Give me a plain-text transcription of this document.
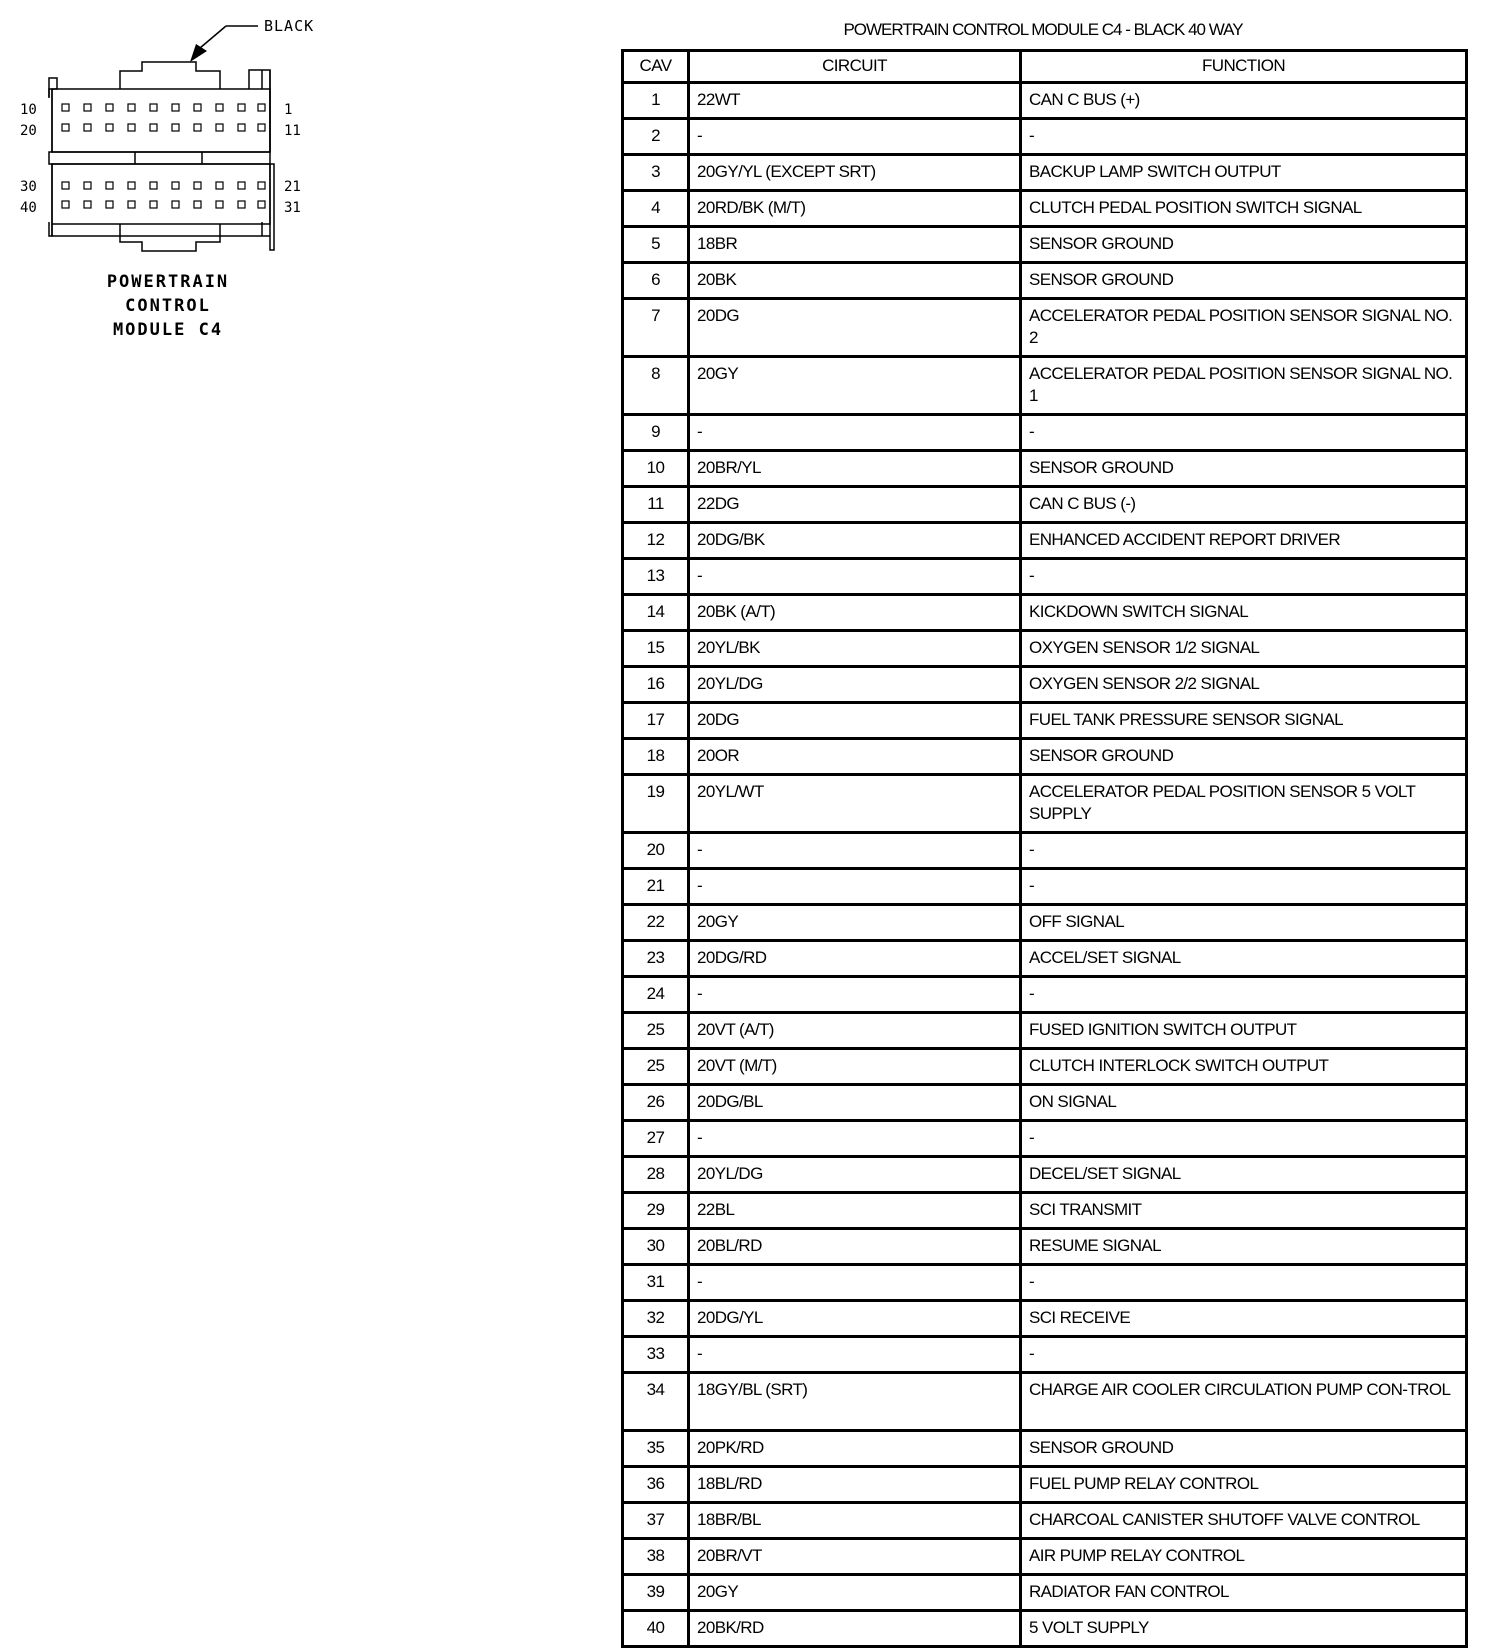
BLACK
10
20
30
40
1
11
21
31
POWERTRAIN
CONTROL
MODULE C4
POWERTRAIN CONTROL MODULE C4 - BLACK 40 WAY
CAV	CIRCUIT	FUNCTION
1	22WT	CAN C BUS (+)
2	-	-
3	20GY/YL (EXCEPT SRT)	BACKUP LAMP SWITCH OUTPUT
4	20RD/BK (M/T)	CLUTCH PEDAL POSITION SWITCH SIGNAL
5	18BR	SENSOR GROUND
6	20BK	SENSOR GROUND
7	20DG	ACCELERATOR PEDAL POSITION SENSOR SIGNAL NO. 2
8	20GY	ACCELERATOR PEDAL POSITION SENSOR SIGNAL NO. 1
9	-	-
10	20BR/YL	SENSOR GROUND
11	22DG	CAN C BUS (-)
12	20DG/BK	ENHANCED ACCIDENT REPORT DRIVER
13	-	-
14	20BK (A/T)	KICKDOWN SWITCH SIGNAL
15	20YL/BK	OXYGEN SENSOR 1/2 SIGNAL
16	20YL/DG	OXYGEN SENSOR 2/2 SIGNAL
17	20DG	FUEL TANK PRESSURE SENSOR SIGNAL
18	20OR	SENSOR GROUND
19	20YL/WT	ACCELERATOR PEDAL POSITION SENSOR 5 VOLT SUPPLY
20	-	-
21	-	-
22	20GY	OFF SIGNAL
23	20DG/RD	ACCEL/SET SIGNAL
24	-	-
25	20VT (A/T)	FUSED IGNITION SWITCH OUTPUT
25	20VT (M/T)	CLUTCH INTERLOCK SWITCH OUTPUT
26	20DG/BL	ON SIGNAL
27	-	-
28	20YL/DG	DECEL/SET SIGNAL
29	22BL	SCI TRANSMIT
30	20BL/RD	RESUME SIGNAL
31	-	-
32	20DG/YL	SCI RECEIVE
33	-	-
34	18GY/BL (SRT)	CHARGE AIR COOLER CIRCULATION PUMP CON-TROL
35	20PK/RD	SENSOR GROUND
36	18BL/RD	FUEL PUMP RELAY CONTROL
37	18BR/BL	CHARCOAL CANISTER SHUTOFF VALVE CONTROL
38	20BR/VT	AIR PUMP RELAY CONTROL
39	20GY	RADIATOR FAN CONTROL
40	20BK/RD	5 VOLT SUPPLY
